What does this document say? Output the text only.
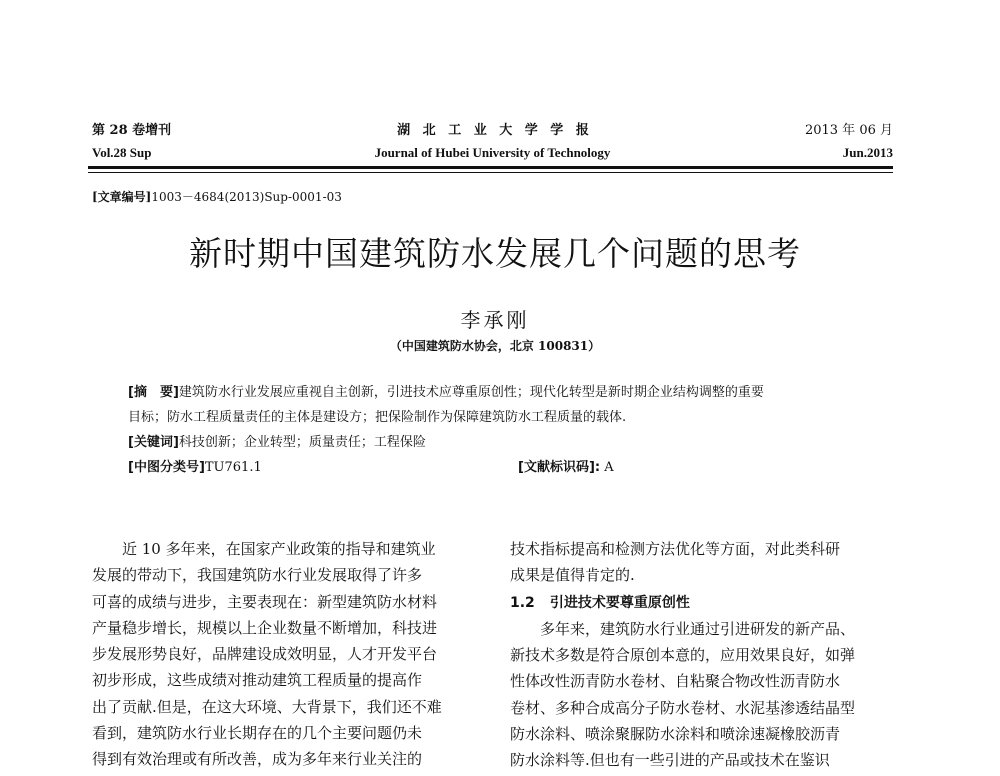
第 28 卷增刊
Vol.28 Sup
湖 北 工 业 大 学 学 报
Journal of Hubei University of Technology
2013 年 06 月
Jun.2013
[文章编号]1003－4684(2013)Sup-0001-03
新时期中国建筑防水发展几个问题的思考
李承刚
（中国建筑防水协会，北京 100831）
[摘　要]建筑防水行业发展应重视自主创新，引进技术应尊重原创性；现代化转型是新时期企业结构调整的重要
目标；防水工程质量责任的主体是建设方；把保险制作为保障建筑防水工程质量的载体.
[关键词]科技创新；企业转型；质量责任；工程保险
[中图分类号]TU761.1	[文献标识码]: A

　　近 10 多年来，在国家产业政策的指导和建筑业

发展的带动下，我国建筑防水行业发展取得了许多

可喜的成绩与进步，主要表现在：新型建筑防水材料

产量稳步增长，规模以上企业数量不断增加，科技进

步发展形势良好，品牌建设成效明显，人才开发平台

初步形成，这些成绩对推动建筑工程质量的提高作

出了贡献.但是，在这大环境、大背景下，我们还不难

看到，建筑防水行业长期存在的几个主要问题仍未

得到有效治理或有所改善，成为多年来行业关注的

技术指标提高和检测方法优化等方面，对此类科研

成果是值得肯定的.

1.2　 引进技术要尊重原创性

　　多年来，建筑防水行业通过引进研发的新产品、

新技术多数是符合原创本意的，应用效果良好，如弹

性体改性沥青防水卷材、自粘聚合物改性沥青防水

卷材、多种合成高分子防水卷材、水泥基渗透结晶型

防水涂料、喷涂聚脲防水涂料和喷涂速凝橡胶沥青

防水涂料等.但也有一些引进的产品或技术在鉴识
